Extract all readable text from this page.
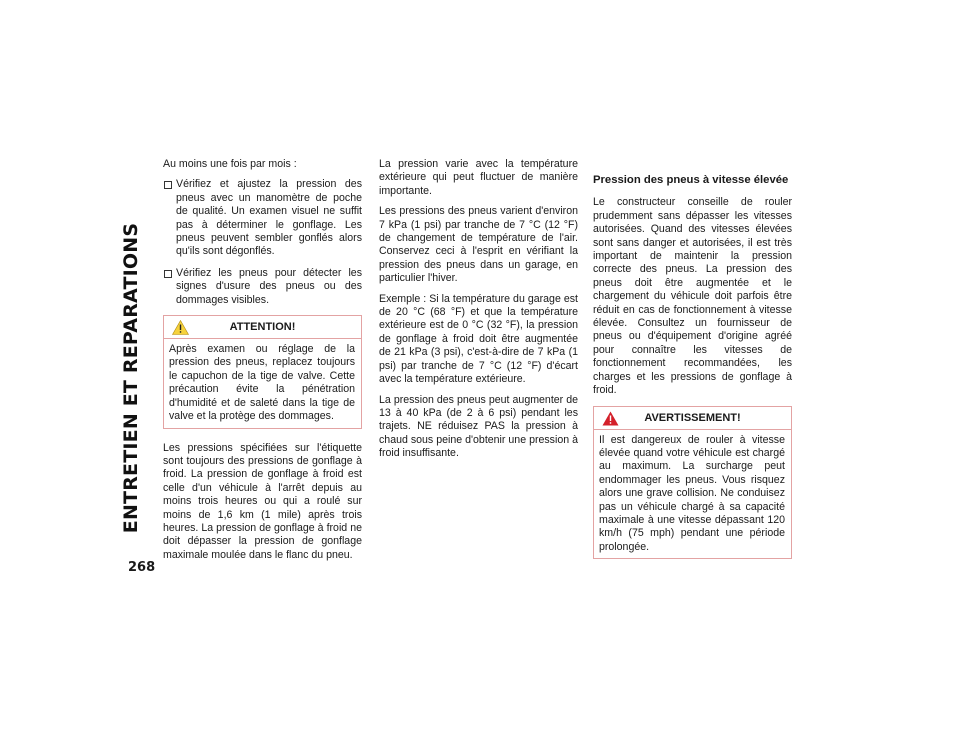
ENTRETIEN ET REPARATIONS
268

Au moins une fois par mois :

Vérifiez et ajustez la pression des pneus avec un manomètre de poche de qualité. Un examen visuel ne suffit pas à déterminer le gonflage. Les pneus peuvent sembler gonflés alors qu'ils sont dégonflés.
Vérifiez les pneus pour détecter les signes d'usure des pneus ou des dommages visibles.
ATTENTION!
Après examen ou réglage de la pression des pneus, replacez toujours le capuchon de la tige de valve. Cette précaution évite la pénétration d'humidité et de saleté dans la tige de valve et la protège des dommages.

Les pressions spécifiées sur l'étiquette sont toujours des pressions de gonflage à froid. La pression de gonflage à froid est celle d'un véhicule à l'arrêt depuis au moins trois heures ou qui a roulé sur moins de 1,6 km (1 mile) après trois heures. La pression de gonflage à froid ne doit dépasser la pression de gonflage maximale moulée dans le flanc du pneu.

La pression varie avec la température extérieure qui peut fluctuer de manière importante.

Les pressions des pneus varient d'environ 7 kPa (1 psi) par tranche de 7 °C (12 °F) de changement de température de l'air. Conservez ceci à l'esprit en vérifiant la pression des pneus dans un garage, en particulier l'hiver.

Exemple : Si la température du garage est de 20 °C (68 °F) et que la température extérieure est de 0 °C (32 °F), la pression de gonflage à froid doit être augmentée de 21 kPa (3 psi), c'est-à-dire de 7 kPa (1 psi) par tranche de 7 °C (12 °F) d'écart avec la température extérieure.

La pression des pneus peut augmenter de 13 à 40 kPa (de 2 à 6 psi) pendant les trajets. NE réduisez PAS la pression à chaud sous peine d'obtenir une pression à froid insuffisante.

Pression des pneus à vitesse élevée

Le constructeur conseille de rouler prudemment sans dépasser les vitesses autorisées. Quand des vitesses élevées sont sans danger et autorisées, il est très important de maintenir la pression correcte des pneus. La pression des pneus doit être augmentée et le chargement du véhicule doit parfois être réduit en cas de fonctionnement à vitesse élevée. Consultez un fournisseur de pneus ou d'équipement d'origine agréé pour connaître les vitesses de fonctionnement recommandées, les charges et les pressions de gonflage à froid.

AVERTISSEMENT!
Il est dangereux de rouler à vitesse élevée quand votre véhicule est chargé au maximum. La surcharge peut endommager les pneus. Vous risquez alors une grave collision. Ne conduisez pas un véhicule chargé à sa capacité maximale à une vitesse dépassant 120 km/h (75 mph) pendant une période prolongée.
